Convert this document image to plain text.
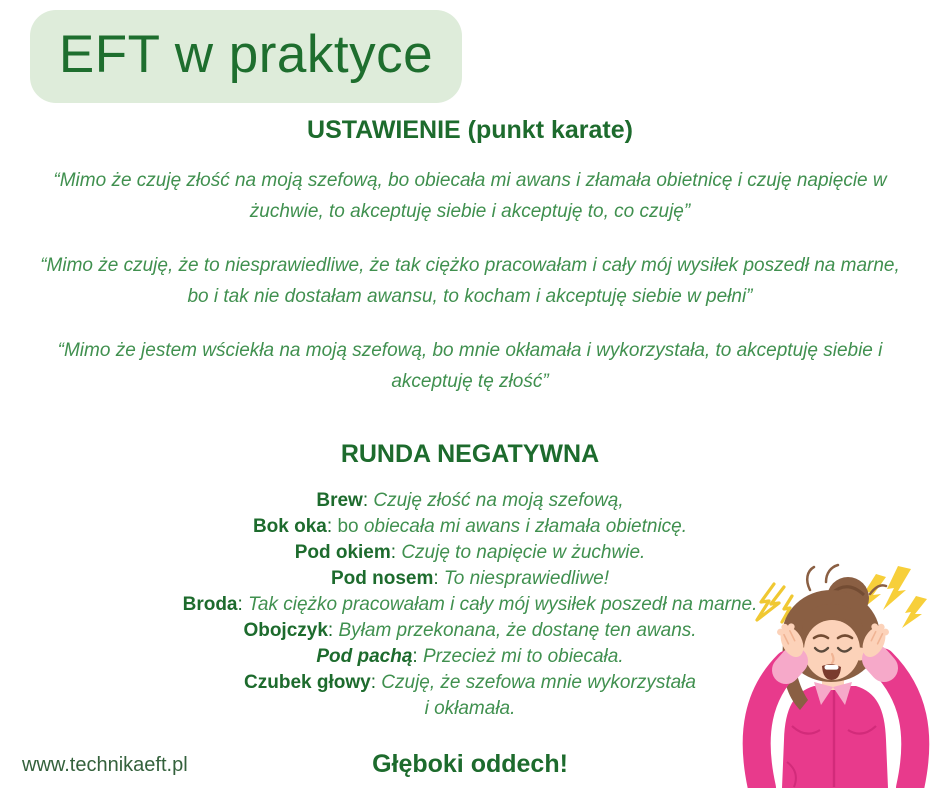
EFT w praktyce
USTAWIENIE (punkt karate)
“Mimo że czuję złość na moją szefową, bo obiecała mi awans i złamała obietnicę i czuję napięcie w żuchwie, to akceptuję siebie i akceptuję to, co czuję”
“Mimo że czuję, że to niesprawiedliwe, że tak ciężko pracowałam i cały mój wysiłek poszedł na marne, bo i tak nie dostałam awansu, to kocham i akceptuję siebie w pełni”
“Mimo że jestem wściekła na moją szefową, bo mnie okłamała i wykorzystała, to akceptuję siebie i akceptuję tę złość”
RUNDA NEGATYWNA
Brew: Czuję złość na moją szefową,
Bok oka: bo obiecała mi awans i złamała obietnicę.
Pod okiem: Czuję to napięcie w żuchwie.
Pod nosem: To niesprawiedliwe!
Broda: Tak ciężko pracowałam i cały mój wysiłek poszedł na marne.
Obojczyk: Byłam przekonana, że dostanę ten awans.
Pod pachą: Przecież mi to obiecała.
Czubek głowy: Czuję, że szefowa mnie wykorzystała
i okłamała.
Głęboki oddech!
www.technikaeft.pl
